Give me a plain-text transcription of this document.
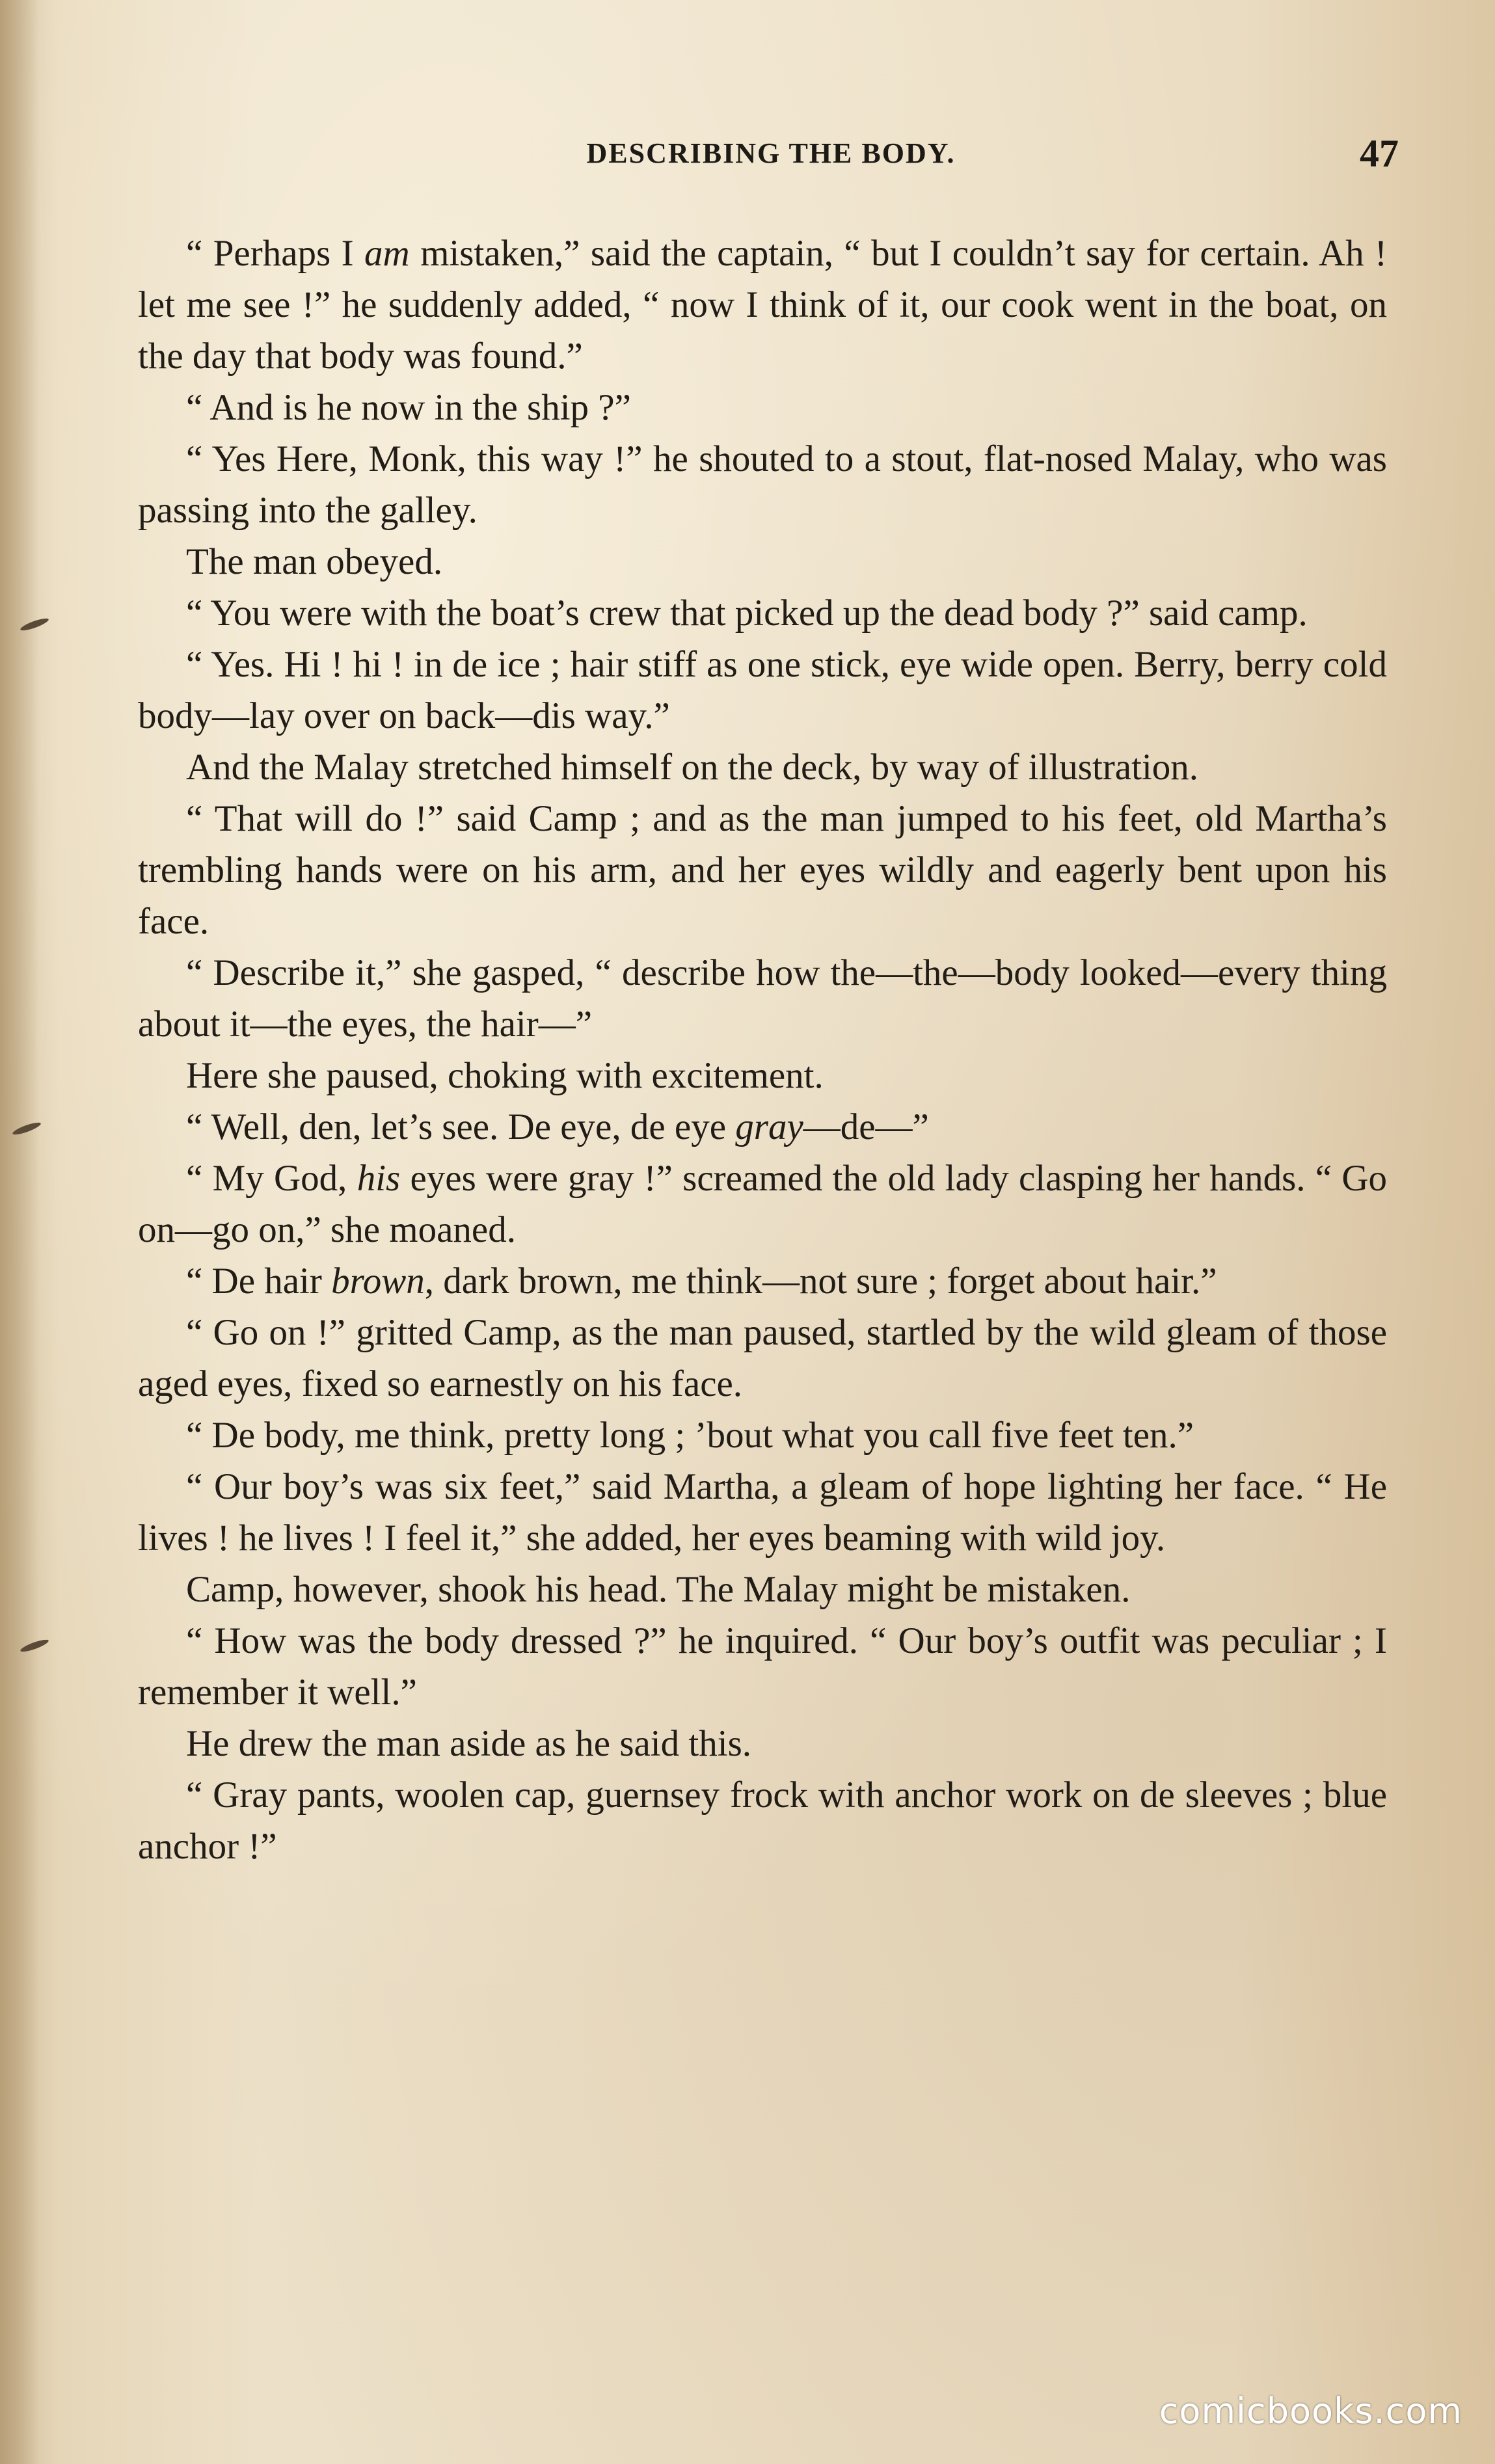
DESCRIBING THE BODY.	47

“ Perhaps I am mistaken,” said the captain, “ but I couldn’t say for certain. Ah ! let me see !” he suddenly added, “ now I think of it, our cook went in the boat, on the day that body was found.”

“ And is he now in the ship ?”

“ Yes Here, Monk, this way !” he shouted to a stout, flat-nosed Malay, who was passing into the galley.

The man obeyed.

“ You were with the boat’s crew that picked up the dead body ?” said camp.

“ Yes. Hi ! hi ! in de ice ; hair stiff as one stick, eye wide open. Berry, berry cold body—lay over on back—dis way.”

And the Malay stretched himself on the deck, by way of illustration.

“ That will do !” said Camp ; and as the man jumped to his feet, old Martha’s trembling hands were on his arm, and her eyes wildly and eagerly bent upon his face.

“ Describe it,” she gasped, “ describe how the—the—body looked—every thing about it—the eyes, the hair—”

Here she paused, choking with excitement.

“ Well, den, let’s see. De eye, de eye gray—de—”

“ My God, his eyes were gray !” screamed the old lady clasping her hands. “ Go on—go on,” she moaned.

“ De hair brown, dark brown, me think—not sure ; forget about hair.”

“ Go on !” gritted Camp, as the man paused, startled by the wild gleam of those aged eyes, fixed so earnestly on his face.

“ De body, me think, pretty long ; ’bout what you call five feet ten.”

“ Our boy’s was six feet,” said Martha, a gleam of hope lighting her face. “ He lives ! he lives ! I feel it,” she added, her eyes beaming with wild joy.

Camp, however, shook his head. The Malay might be mistaken.

“ How was the body dressed ?” he inquired. “ Our boy’s outfit was peculiar ; I remember it well.”

He drew the man aside as he said this.

“ Gray pants, woolen cap, guernsey frock with anchor work on de sleeves ; blue anchor !”

comicbooks.com
